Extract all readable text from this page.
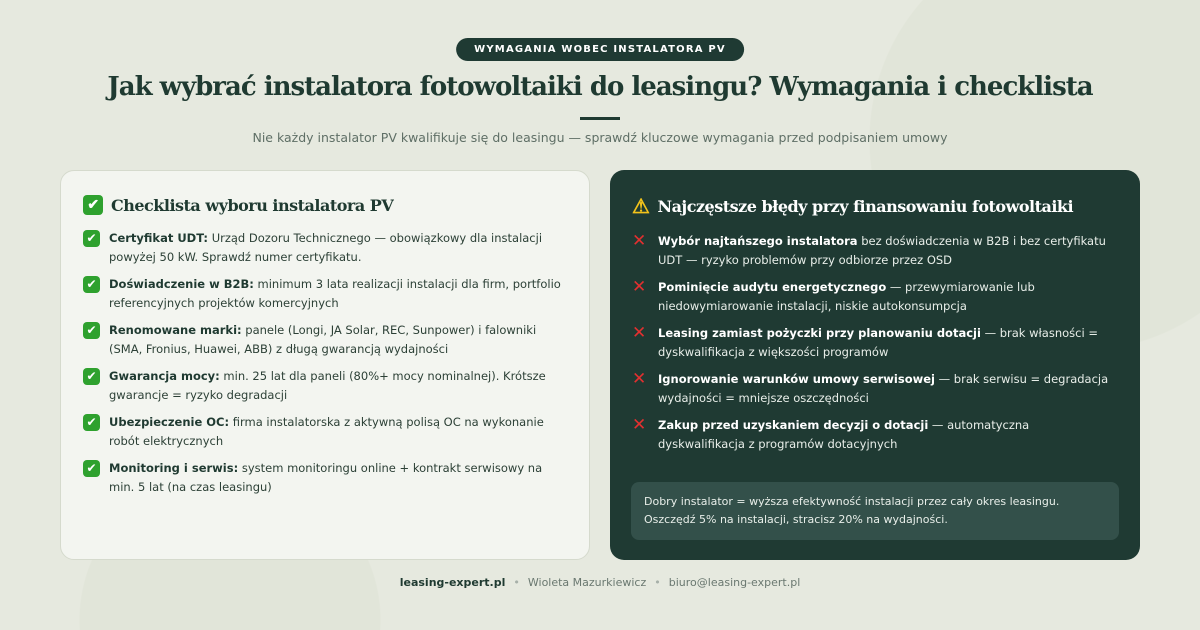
WYMAGANIA WOBEC INSTALATORA PV
Jak wybrać instalatora fotowoltaiki do leasingu? Wymagania i checklista
Nie każdy instalator PV kwalifikuje się do leasingu — sprawdź kluczowe wymagania przed podpisaniem umowy
✔ Checklista wyboru instalatora PV
✔	Certyfikat UDT: Urząd Dozoru Technicznego — obowiązkowy dla instalacji powyżej 50 kW. Sprawdź numer certyfikatu.
✔	Doświadczenie w B2B: minimum 3 lata realizacji instalacji dla firm, portfolio referencyjnych projektów komercyjnych
✔	Renomowane marki: panele (Longi, JA Solar, REC, Sunpower) i falowniki (SMA, Fronius, Huawei, ABB) z długą gwarancją wydajności
✔	Gwarancja mocy: min. 25 lat dla paneli (80%+ mocy nominalnej). Krótsze gwarancje = ryzyko degradacji
✔	Ubezpieczenie OC: firma instalatorska z aktywną polisą OC na wykonanie robót elektrycznych
✔	Monitoring i serwis: system monitoringu online + kontrakt serwisowy na min. 5 lat (na czas leasingu)
⚠ Najczęstsze błędy przy finansowaniu fotowoltaiki
✕ Wybór najtańszego instalatora bez doświadczenia w B2B i bez certyfikatu UDT — ryzyko problemów przy odbiorze przez OSD
✕ Pominięcie audytu energetycznego — przewymiarowanie lub niedowymiarowanie instalacji, niskie autokonsumpcja
✕ Leasing zamiast pożyczki przy planowaniu dotacji — brak własności = dyskwalifikacja z większości programów
✕ Ignorowanie warunków umowy serwisowej — brak serwisu = degradacja wydajności = mniejsze oszczędności
✕ Zakup przed uzyskaniem decyzji o dotacji — automatyczna dyskwalifikacja z programów dotacyjnych
Dobry instalator = wyższa efektywność instalacji przez cały okres leasingu. Oszczędź 5% na instalacji, stracisz 20% na wydajności.
leasing-expert.pl • Wioleta Mazurkiewicz • biuro@leasing-expert.pl
